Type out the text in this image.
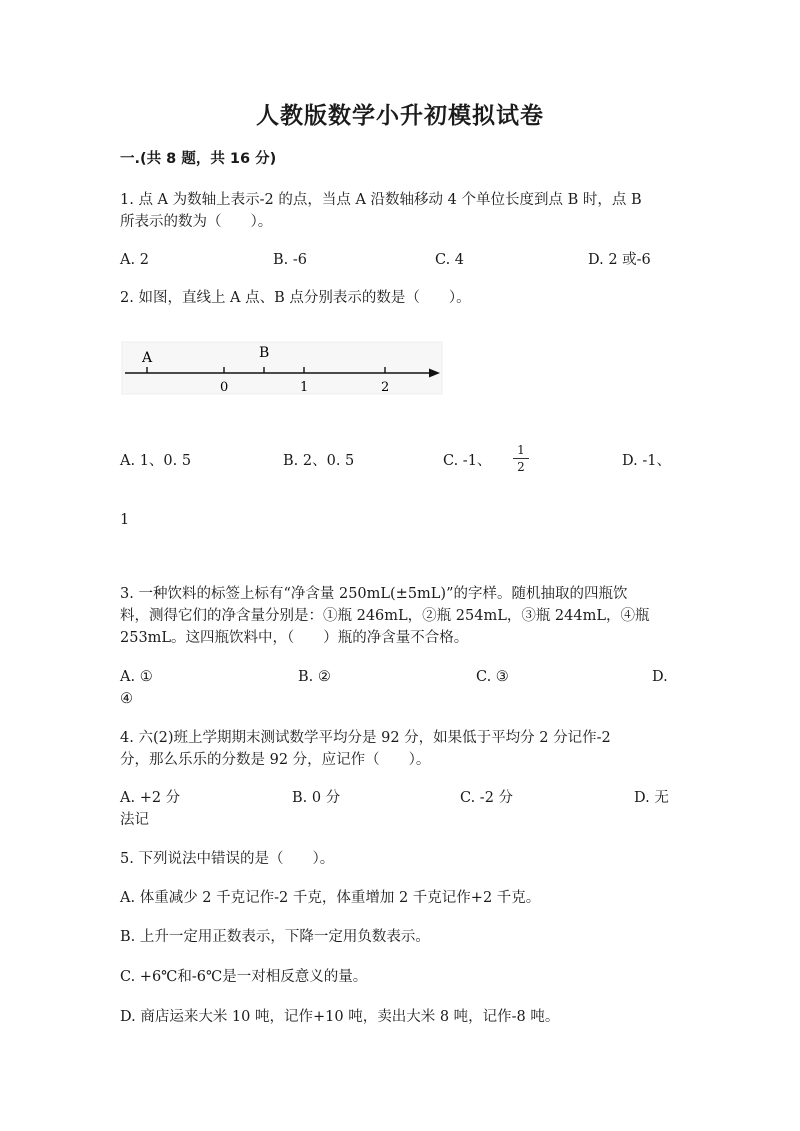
人教版数学小升初模拟试卷
一.(共 8 题，共 16 分)
1. 点 A 为数轴上表示-2 的点，当点 A 沿数轴移动 4 个单位长度到点 B 时，点 B
所表示的数为（　　）。
A. 2	B. -6	C. 4	D. 2 或-6
2. 如图，直线上 A 点、B 点分别表示的数是（　　）。
A	B
0	1	2
A. 1、0. 5	B. 2、0. 5	C. -1、
1
2	D. -1、
1
3. 一种饮料的标签上标有“净含量 250mL(±5mL)”的字样。随机抽取的四瓶饮
料，测得它们的净含量分别是：①瓶 246mL，②瓶 254mL，③瓶 244mL，④瓶
253mL。这四瓶饮料中，（　　）瓶的净含量不合格。
A. ①	B. ②	C. ③	D.
④
4. 六(2)班上学期期末测试数学平均分是 92 分，如果低于平均分 2 分记作-2
分，那么乐乐的分数是 92 分，应记作（　　）。
A. +2 分	B. 0 分	C. -2 分	D. 无
法记
5. 下列说法中错误的是（　　）。
A. 体重减少 2 千克记作-2 千克，体重增加 2 千克记作+2 千克。
B. 上升一定用正数表示，下降一定用负数表示。
C. +6℃和-6℃是一对相反意义的量。
D. 商店运来大米 10 吨，记作+10 吨，卖出大米 8 吨，记作-8 吨。
